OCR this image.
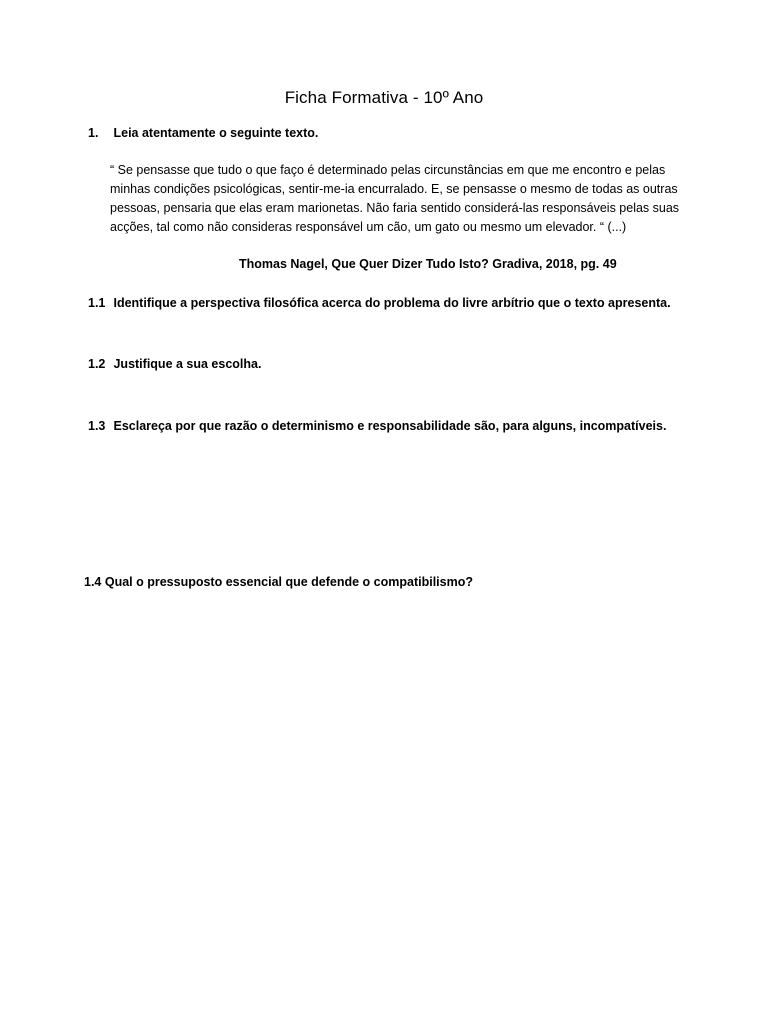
Ficha Formativa - 10º Ano
1. Leia atentamente o seguinte texto.

“ Se pensasse que tudo o que faço é determinado pelas circunstâncias em que me encontro e pelas minhas condições psicológicas, sentir-me-ia encurralado. E, se pensasse o mesmo de todas as outras pessoas, pensaria que elas eram marionetas. Não faria sentido considerá-las responsáveis pelas suas acções, tal como não consideras responsável um cão, um gato ou mesmo um elevador. “ (...)

Thomas Nagel, Que Quer Dizer Tudo Isto? Gradiva, 2018, pg. 49
1.1 Identifique a perspectiva filosófica acerca do problema do livre arbítrio que o texto apresenta.
1.2 Justifique a sua escolha.
1.3 Esclareça por que razão o determinismo e responsabilidade são, para alguns, incompatíveis.
1.4 Qual o pressuposto essencial que defende o compatibilismo?
